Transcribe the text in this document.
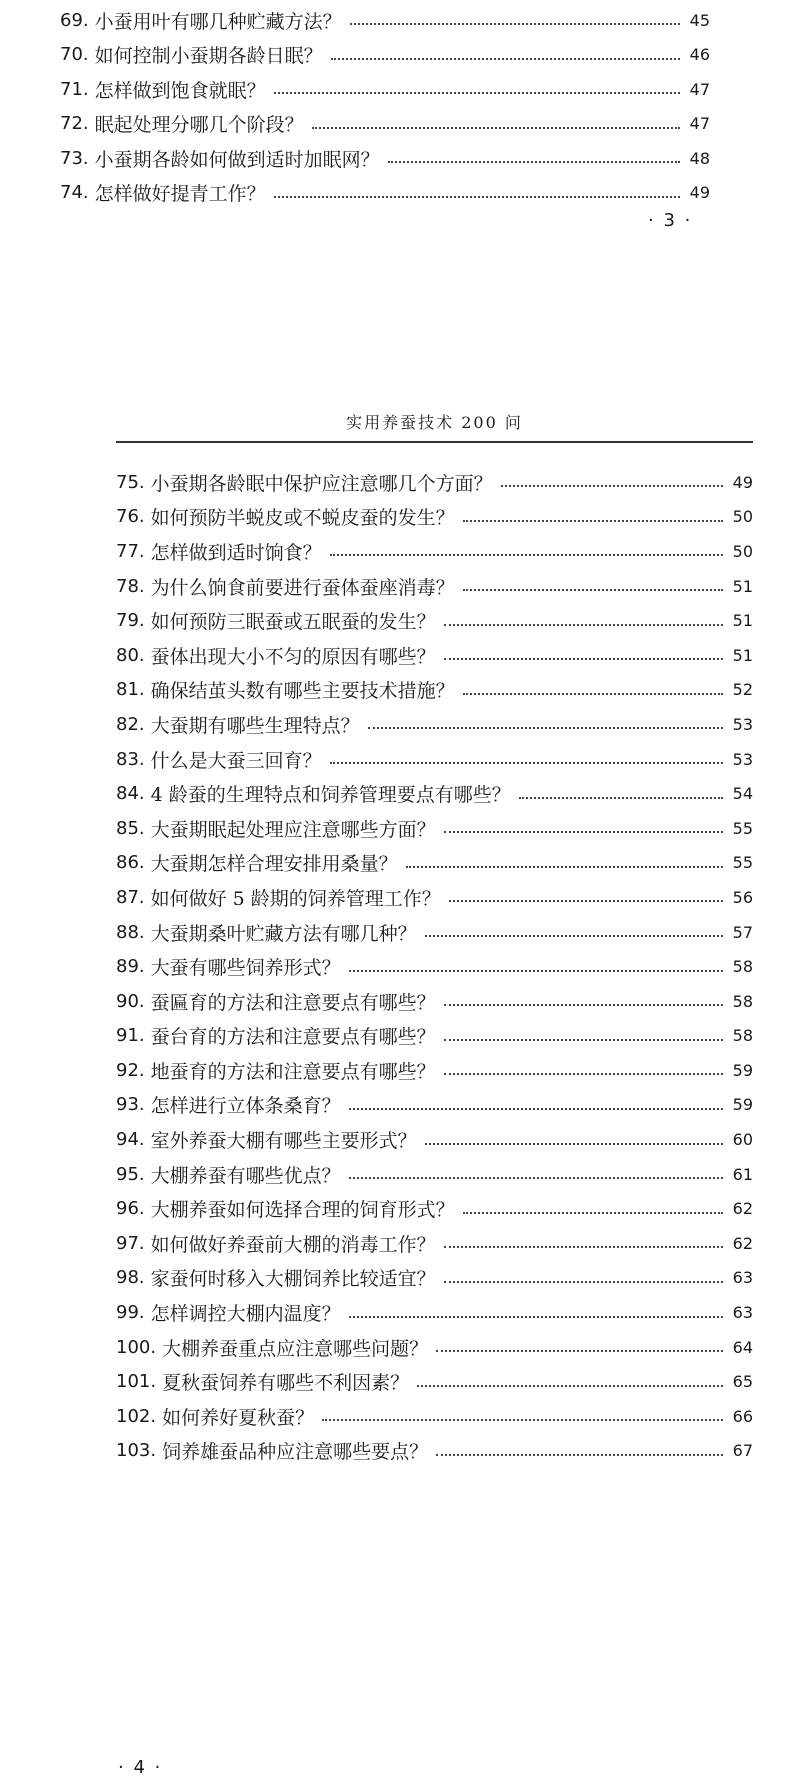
69. 小蚕用叶有哪几种贮藏方法？	45
70. 如何控制小蚕期各龄日眠？	46
71. 怎样做到饱食就眠？	47
72. 眠起处理分哪几个阶段？	47
73. 小蚕期各龄如何做到适时加眠网？	48
74. 怎样做好提青工作？	49
· 3 ·
实用养蚕技术 200 问
75. 小蚕期各龄眠中保护应注意哪几个方面？	49
76. 如何预防半蜕皮或不蜕皮蚕的发生？	50
77. 怎样做到适时饷食？	50
78. 为什么饷食前要进行蚕体蚕座消毒？	51
79. 如何预防三眠蚕或五眠蚕的发生？	51
80. 蚕体出现大小不匀的原因有哪些？	51
81. 确保结茧头数有哪些主要技术措施？	52
82. 大蚕期有哪些生理特点？	53
83. 什么是大蚕三回育？	53
84. 4 龄蚕的生理特点和饲养管理要点有哪些？	54
85. 大蚕期眠起处理应注意哪些方面？	55
86. 大蚕期怎样合理安排用桑量？	55
87. 如何做好 5 龄期的饲养管理工作？	56
88. 大蚕期桑叶贮藏方法有哪几种？	57
89. 大蚕有哪些饲养形式？	58
90. 蚕匾育的方法和注意要点有哪些？	58
91. 蚕台育的方法和注意要点有哪些？	58
92. 地蚕育的方法和注意要点有哪些？	59
93. 怎样进行立体条桑育？	59
94. 室外养蚕大棚有哪些主要形式？	60
95. 大棚养蚕有哪些优点？	61
96. 大棚养蚕如何选择合理的饲育形式？	62
97. 如何做好养蚕前大棚的消毒工作？	62
98. 家蚕何时移入大棚饲养比较适宜？	63
99. 怎样调控大棚内温度？	63
100. 大棚养蚕重点应注意哪些问题？	64
101. 夏秋蚕饲养有哪些不利因素？	65
102. 如何养好夏秋蚕？	66
103. 饲养雄蚕品种应注意哪些要点？	67
· 4 ·
